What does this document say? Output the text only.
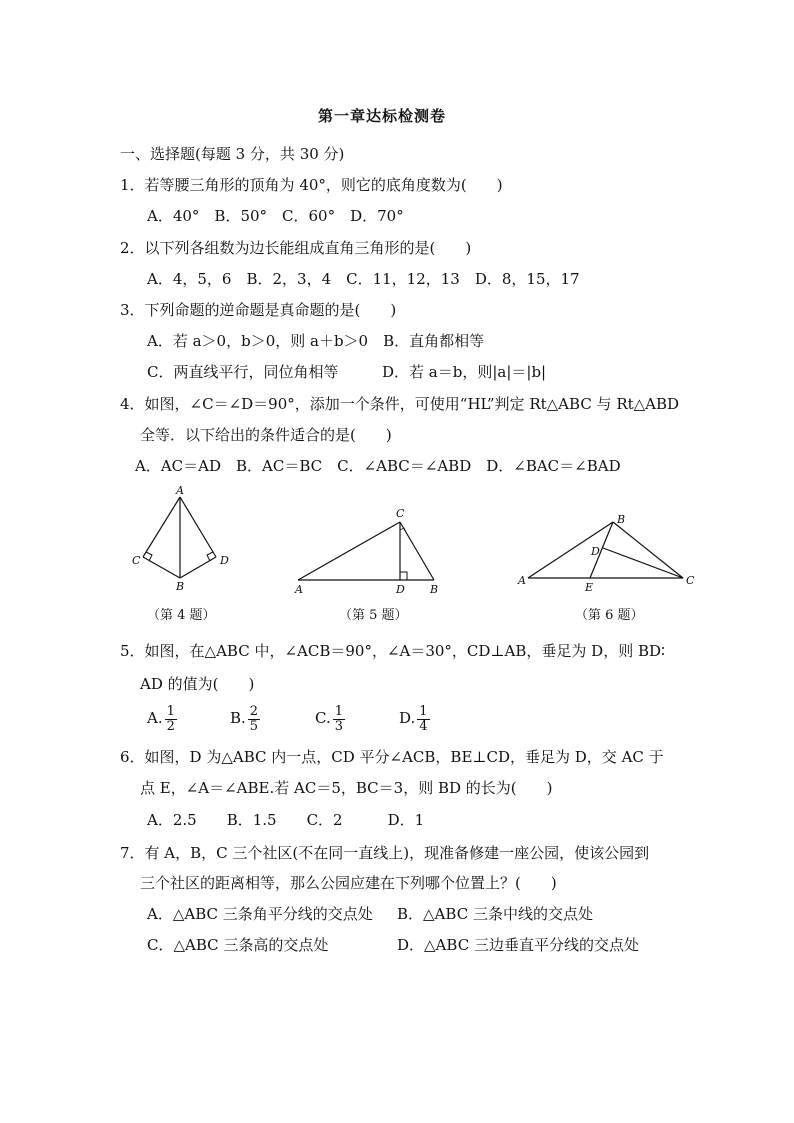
第一章达标检测卷
一、选择题(每题 3 分，共 30 分)
1．若等腰三角形的顶角为 40°，则它的底角度数为(　　)
A．40°　B．50°　C．60°　D．70°
2．以下列各组数为边长能组成直角三角形的是(　　)
A．4，5，6　B．2，3，4　C．11，12，13　D．8，15，17
3．下列命题的逆命题是真命题的是(　　)
A．若 a＞0，b＞0，则 a＋b＞0　B．直角都相等
C．两直线平行，同位角相等	D．若 a＝b，则|a|＝|b|
4．如图，∠C＝∠D＝90°，添加一个条件，可使用“HL”判定 Rt△ABC 与 Rt△ABD
全等．以下给出的条件适合的是(　　)
A．AC＝AD　B．AC＝BC　C．∠ABC＝∠ABD　D．∠BAC＝∠BAD
A
C	D
B
C
A	D B
B
D
A
E
C
（第 4 题）	（第 5 题）	（第 6 题）
5．如图，在△ABC 中，∠ACB＝90°，∠A＝30°，CD⊥AB，垂足为 D，则 BD∶
AD 的值为(　　)
A. $\frac{1}{2}$	B. $\frac{2}{5}$	C. $\frac{1}{3}$	D. $\frac{1}{4}$
6．如图，D 为△ABC 内一点，CD 平分∠ACB，BE⊥CD，垂足为 D，交 AC 于
点 E，∠A＝∠ABE.若 AC＝5，BC＝3，则 BD 的长为(　　)
A．2.5　　B．1.5　　C．2　　　D．1
7．有 A，B，C 三个社区(不在同一直线上)，现准备修建一座公园，使该公园到
三个社区的距离相等，那么公园应建在下列哪个位置上？(　　)
A．△ABC 三条角平分线的交点处 B．△ABC 三条中线的交点处
C．△ABC 三条高的交点处	D．△ABC 三边垂直平分线的交点处
